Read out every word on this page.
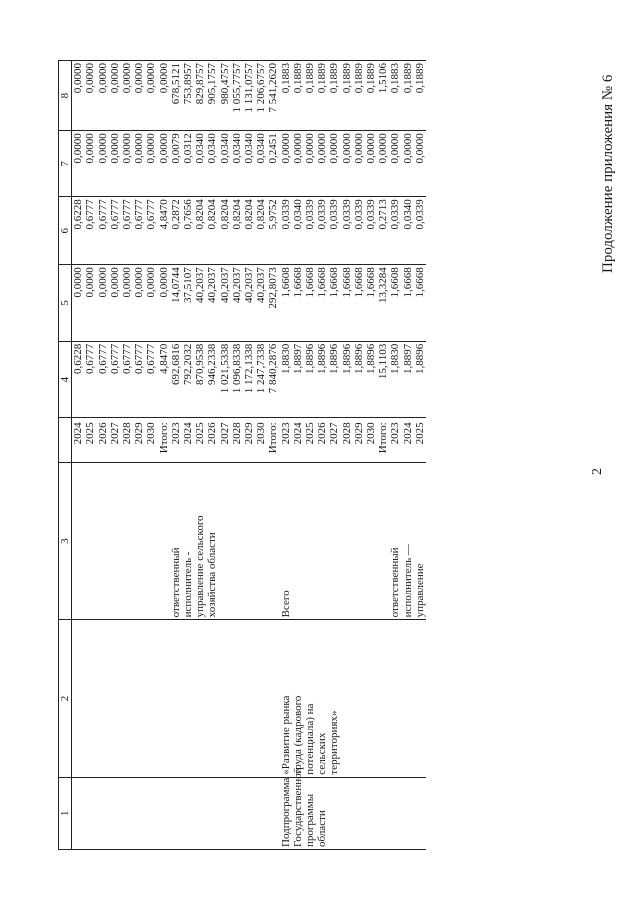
2
Продолжение приложения № 6
1	2	3		4	5	6	7	8
			2024	0,6228	0,0000	0,6228	0,0000	0,0000
			2025	0,6777	0,0000	0,6777	0,0000	0,0000
			2026	0,6777	0,0000	0,6777	0,0000	0,0000
			2027	0,6777	0,0000	0,6777	0,0000	0,0000
			2028	0,6777	0,0000	0,6777	0,0000	0,0000
			2029	0,6777	0,0000	0,6777	0,0000	0,0000
			2030	0,6777	0,0000	0,6777	0,0000	0,0000
			Итого:	4,8470	0,0000	4,8470	0,0000	0,0000
		ответственный	2023	692,6816	14,0744	0,2872	0,0079	678,5121
		исполнитель -	2024	792,2032	37,5107	0,7656	0,0312	753,8957
		управление сельского	2025	870,9538	40,2037	0,8204	0,0340	829,8757
		хозяйства области	2026	946,2338	40,2037	0,8204	0,0340	905,1757
			2027	1 021,5338	40,2037	0,8204	0,0340	980,4757
			2028	1 096,8338	40,2037	0,8204	0,0340	1 055,7757
			2029	1 172,1338	40,2037	0,8204	0,0340	1 131,0757
			2030	1 247,7338	40,2037	0,8204	0,0340	1 206,6757
			Итого:	7 840,2876	292,8073	5,9752	0,2451	7 541,2620
Подпрограмма	«Развитие рынка	Всего	2023	1,8830	1,6608	0,0339	0,0000	0,1883
Государственной	труда (кадрового		2024	1,8897	1,6668	0,0340	0,0000	0,1889
программы	потенциала) на		2025	1,8896	1,6668	0,0339	0,0000	0,1889
области	сельских		2026	1,8896	1,6668	0,0339	0,0000	0,1889
	территориях»		2027	1,8896	1,6668	0,0339	0,0000	0,1889
			2028	1,8896	1,6668	0,0339	0,0000	0,1889
			2029	1,8896	1,6668	0,0339	0,0000	0,1889
			2030	1,8896	1,6668	0,0339	0,0000	0,1889
			Итого:	15,1103	13,3284	0,2713	0,0000	1,5106
		ответственный	2023	1,8830	1,6608	0,0339	0,0000	0,1883
		исполнитель —	2024	1,8897	1,6668	0,0340	0,0000	0,1889
		управление	2025	1,8896	1,6668	0,0339	0,0000	0,1889
